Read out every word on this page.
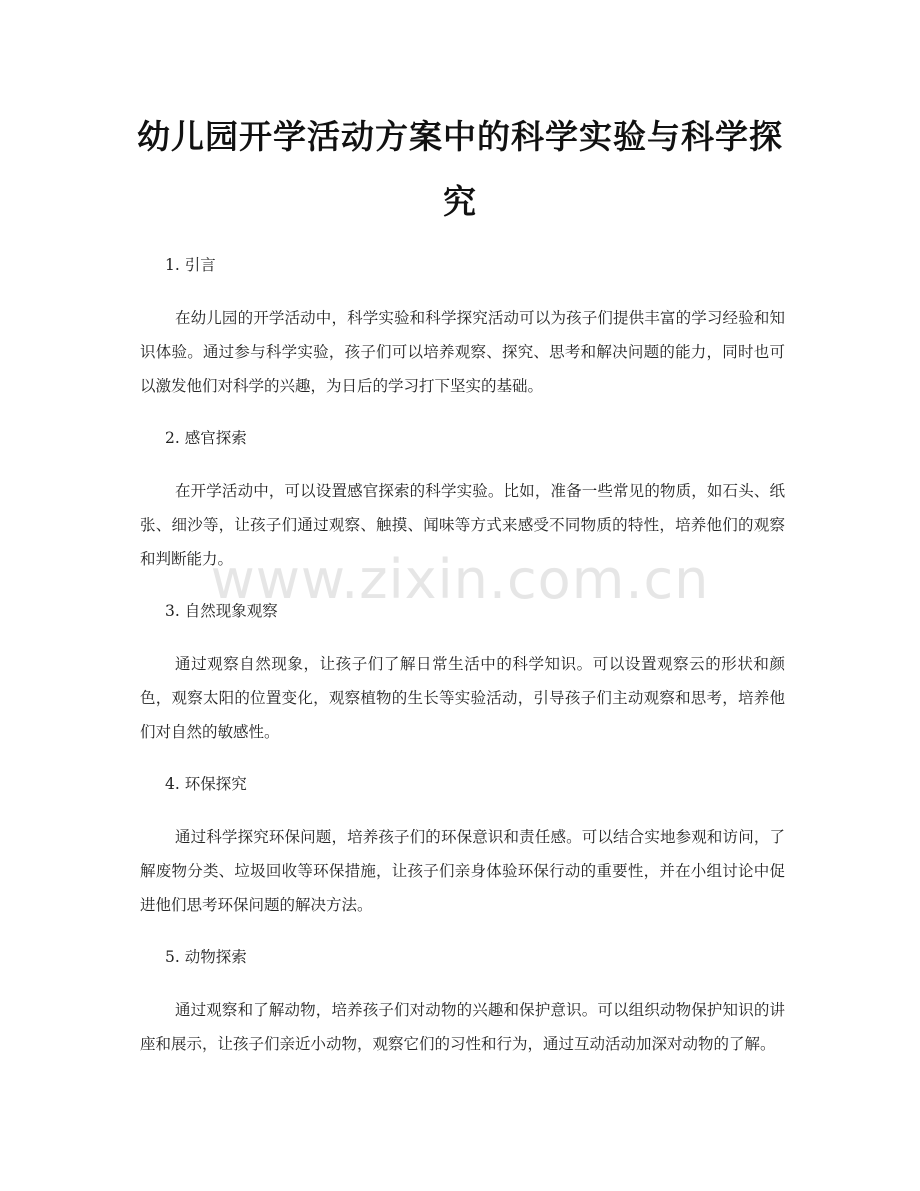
幼儿园开学活动方案中的科学实验与科学探究

1. 引言

在幼儿园的开学活动中，科学实验和科学探究活动可以为孩子们提供丰富的学习经验和知识体验。通过参与科学实验，孩子们可以培养观察、探究、思考和解决问题的能力，同时也可以激发他们对科学的兴趣，为日后的学习打下坚实的基础。

2. 感官探索

在开学活动中，可以设置感官探索的科学实验。比如，准备一些常见的物质，如石头、纸张、细沙等，让孩子们通过观察、触摸、闻味等方式来感受不同物质的特性，培养他们的观察和判断能力。

3. 自然现象观察

通过观察自然现象，让孩子们了解日常生活中的科学知识。可以设置观察云的形状和颜色，观察太阳的位置变化，观察植物的生长等实验活动，引导孩子们主动观察和思考，培养他们对自然的敏感性。

4. 环保探究

通过科学探究环保问题，培养孩子们的环保意识和责任感。可以结合实地参观和访问，了解废物分类、垃圾回收等环保措施，让孩子们亲身体验环保行动的重要性，并在小组讨论中促进他们思考环保问题的解决方法。

5. 动物探索

通过观察和了解动物，培养孩子们对动物的兴趣和保护意识。可以组织动物保护知识的讲座和展示，让孩子们亲近小动物，观察它们的习性和行为，通过互动活动加深对动物的了解。

www.zixin.com.cn
